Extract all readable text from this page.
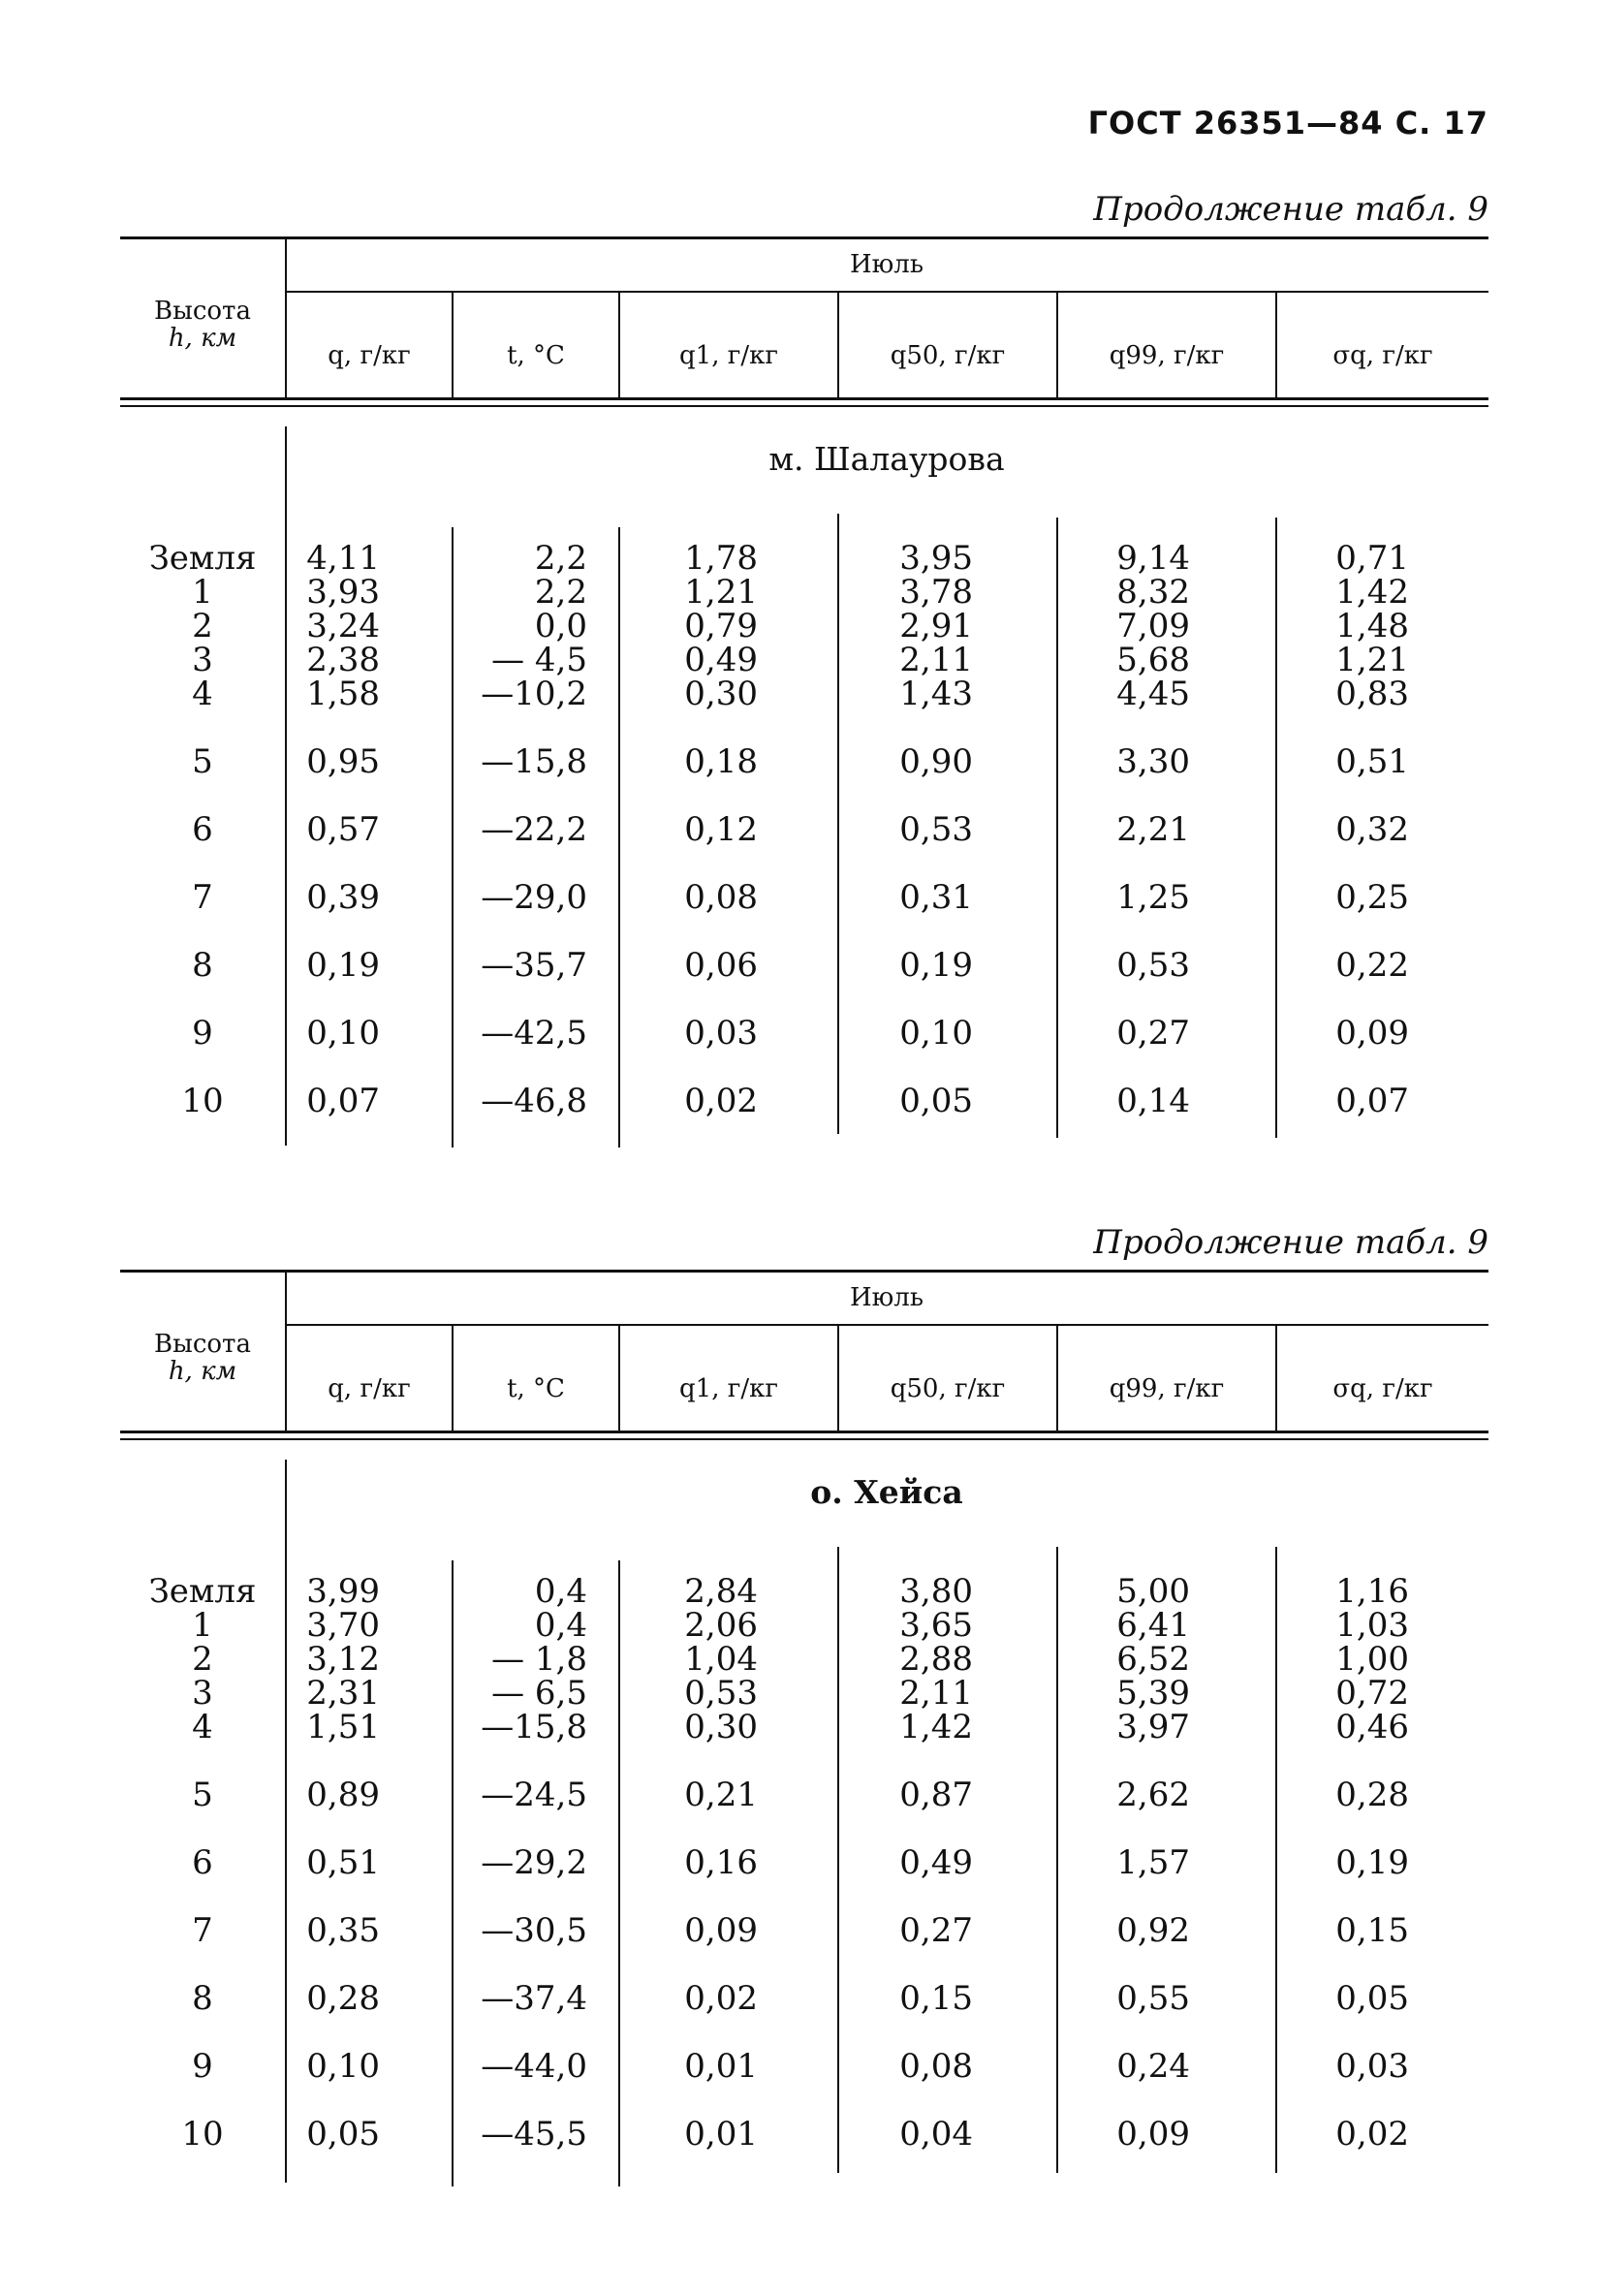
ГОСТ 26351—84 С. 17
Продолжение табл. 9
Высота
h, км
Июль
q, г/кг	t, °С	q1, г/кг	q50, г/кг	q99, г/кг	σq, г/кг
м. Шалаурова
Земля	4,11	2,2	1,78	3,95	9,14	0,71
1	3,93	2,2	1,21	3,78	8,32	1,42
2	3,24	0,0	0,79	2,91	7,09	1,48
3	2,38	— 4,5	0,49	2,11	5,68	1,21
4	1,58	—10,2	0,30	1,43	4,45	0,83
5	0,95	—15,8	0,18	0,90	3,30	0,51
6	0,57	—22,2	0,12	0,53	2,21	0,32
7	0,39	—29,0	0,08	0,31	1,25	0,25
8	0,19	—35,7	0,06	0,19	0,53	0,22
9	0,10	—42,5	0,03	0,10	0,27	0,09
10	0,07	—46,8	0,02	0,05	0,14	0,07
Продолжение табл. 9
Высота
h, км
Июль
q, г/кг	t, °С	q1, г/кг	q50, г/кг	q99, г/кг	σq, г/кг
о. Хейса
Земля	3,99	0,4	2,84	3,80	5,00	1,16
1	3,70	0,4	2,06	3,65	6,41	1,03
2	3,12	— 1,8	1,04	2,88	6,52	1,00
3	2,31	— 6,5	0,53	2,11	5,39	0,72
4	1,51	—15,8	0,30	1,42	3,97	0,46
5	0,89	—24,5	0,21	0,87	2,62	0,28
6	0,51	—29,2	0,16	0,49	1,57	0,19
7	0,35	—30,5	0,09	0,27	0,92	0,15
8	0,28	—37,4	0,02	0,15	0,55	0,05
9	0,10	—44,0	0,01	0,08	0,24	0,03
10	0,05	—45,5	0,01	0,04	0,09	0,02
